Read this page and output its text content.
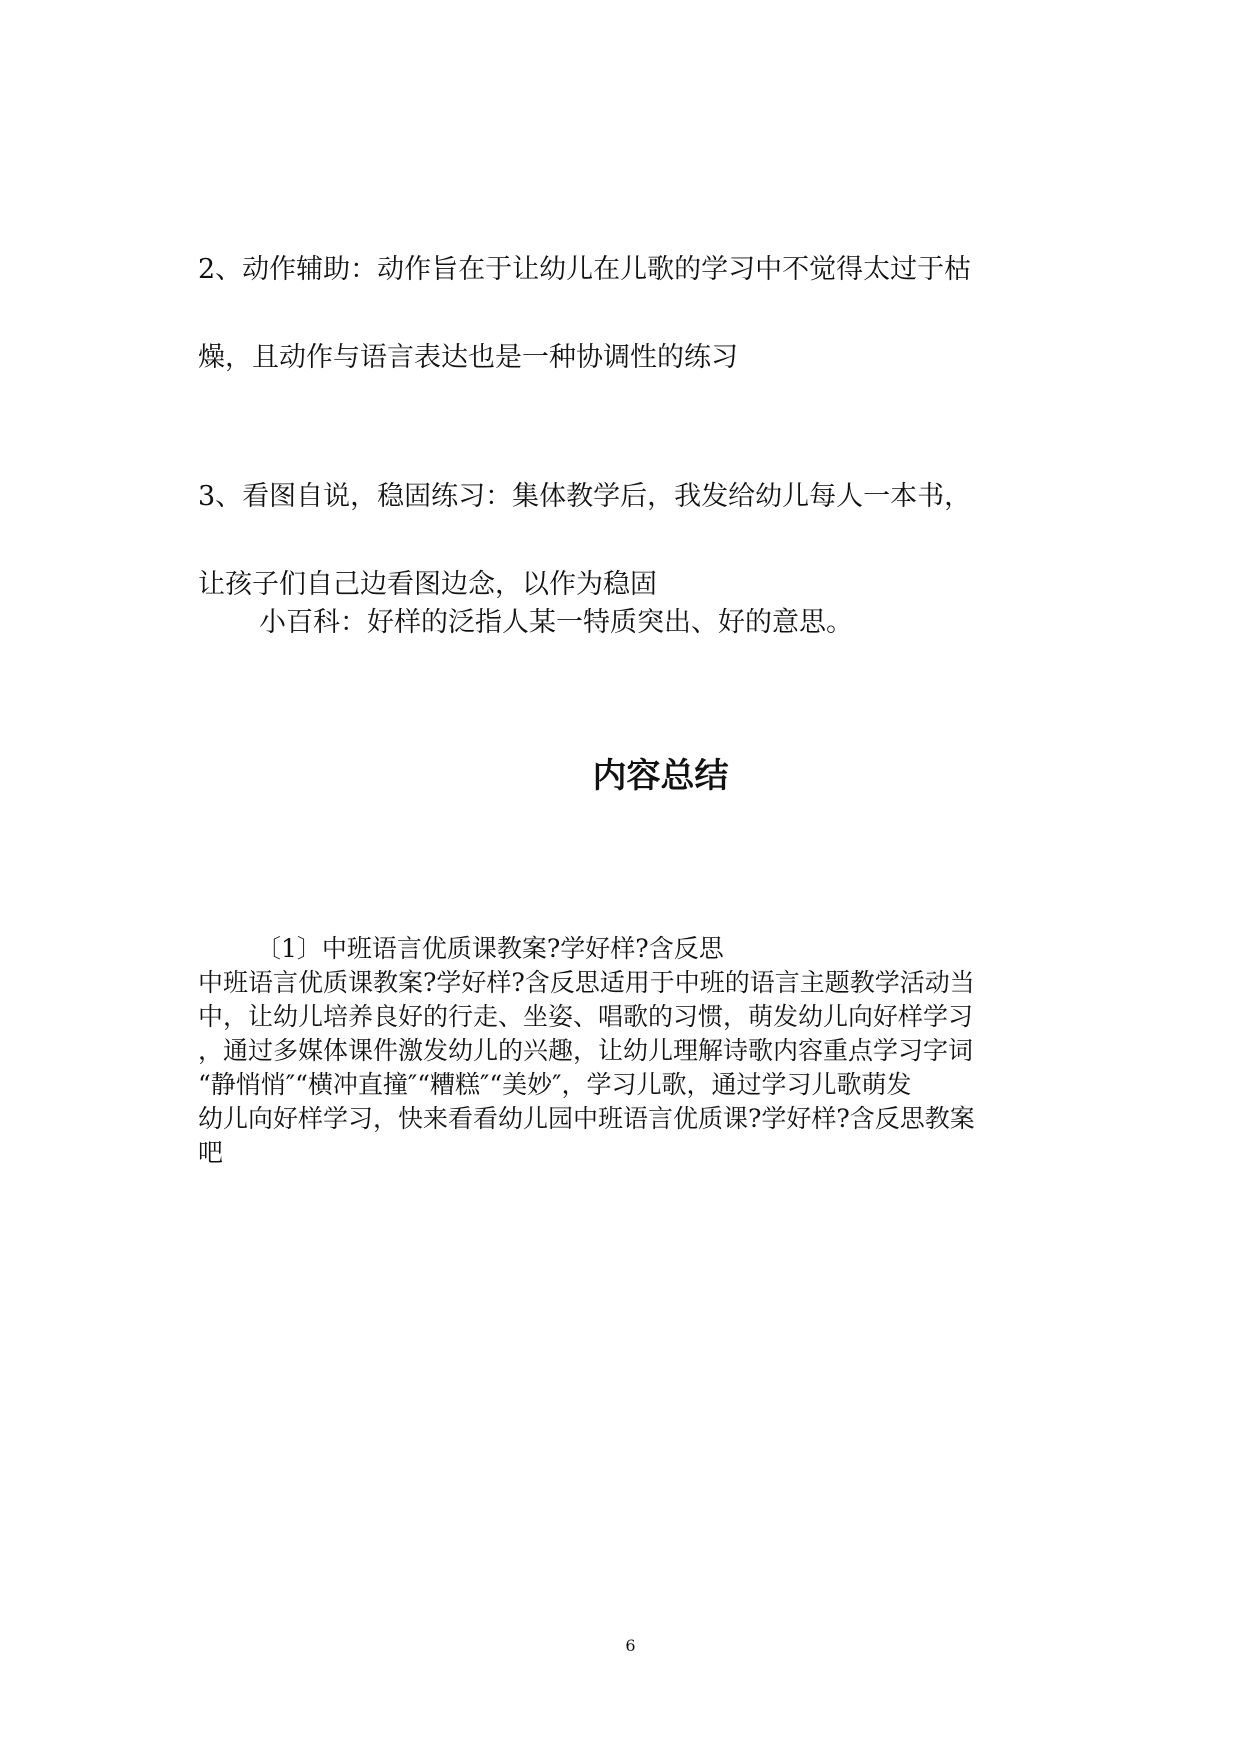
2、动作辅助：动作旨在于让幼儿在儿歌的学习中不觉得太过于枯
燥，且动作与语言表达也是一种协调性的练习

3、看图自说，稳固练习：集体教学后，我发给幼儿每人一本书，
让孩子们自己边看图边念，以作为稳固

小百科：好样的泛指人某一特质突出、好的意思。

内容总结
〔1〕中班语言优质课教案?学好样?含反思
中班语言优质课教案?学好样?含反思适用于中班的语言主题教学活动当
中，让幼儿培养良好的行走、坐姿、唱歌的习惯，萌发幼儿向好样学习
，通过多媒体课件激发幼儿的兴趣，让幼儿理解诗歌内容重点学习字词
“静悄悄″“横冲直撞″“糟糕″“美妙″，学习儿歌，通过学习儿歌萌发
幼儿向好样学习，快来看看幼儿园中班语言优质课?学好样?含反思教案
吧

6
